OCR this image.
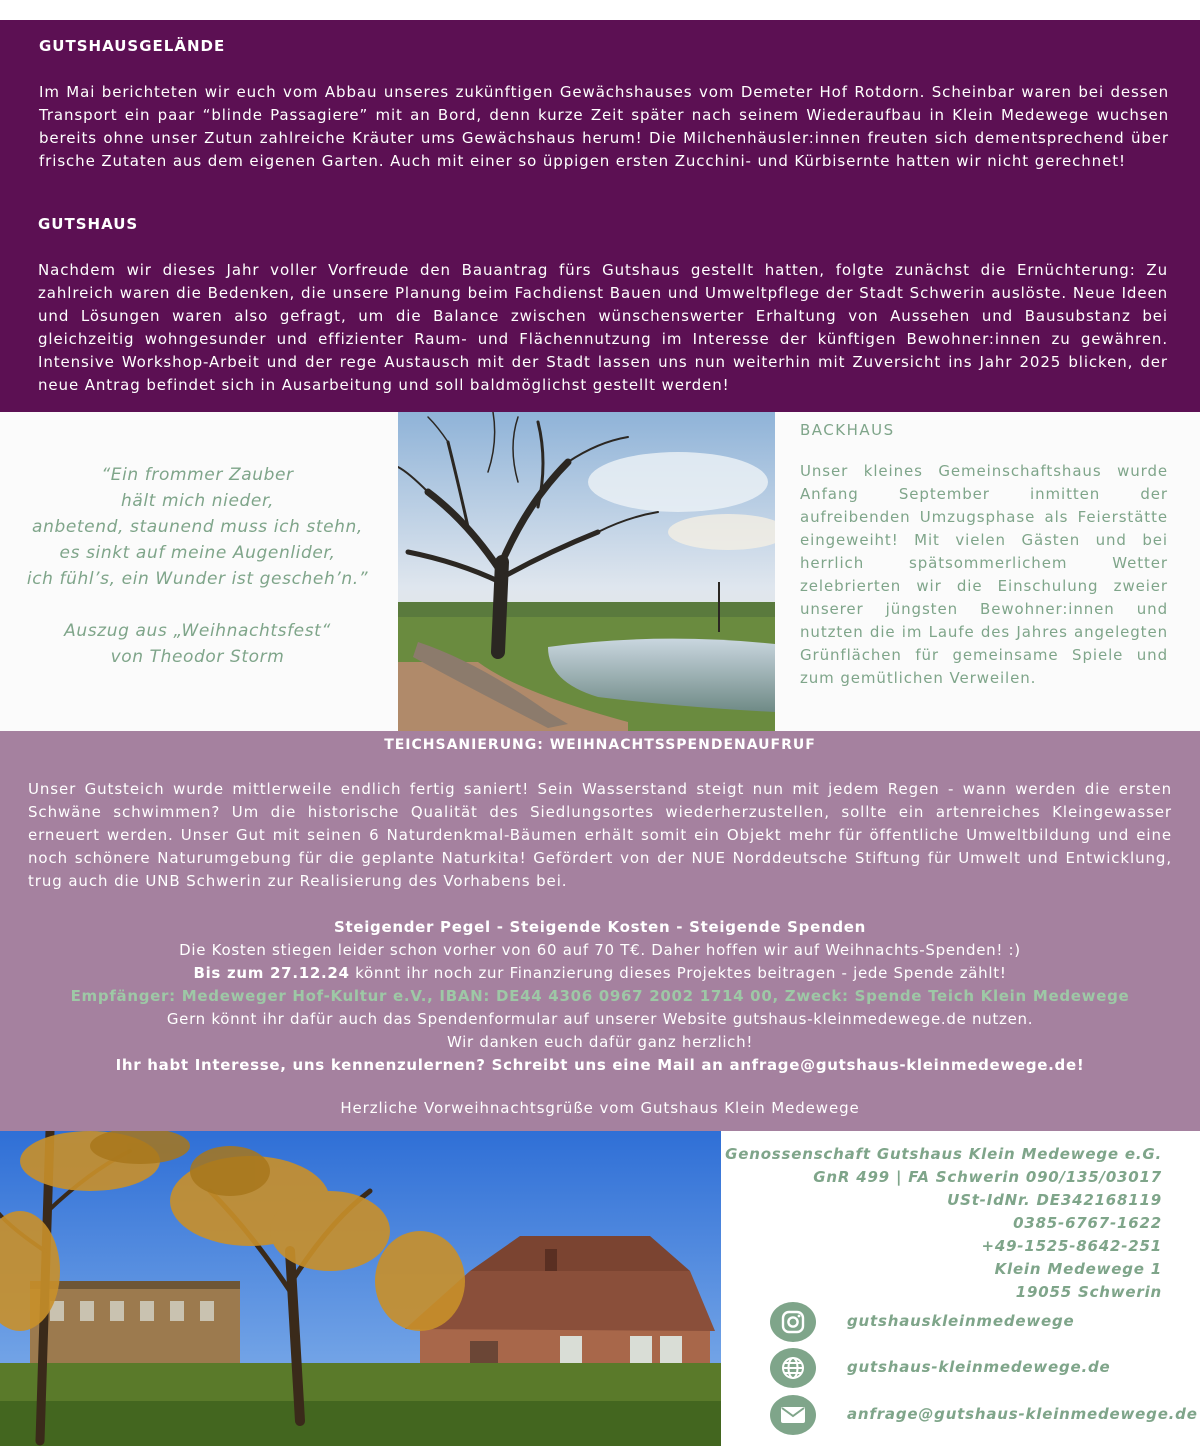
GUTSHAUSGELÄNDE

Im Mai berichteten wir euch vom Abbau unseres zukünftigen Gewächshauses vom Demeter Hof Rotdorn. Scheinbar waren bei dessen Transport ein paar “blinde Passagiere” mit an Bord, denn kurze Zeit später nach seinem Wiederaufbau in Klein Medewege wuchsen bereits ohne unser Zutun zahlreiche Kräuter ums Gewächshaus herum! Die Milchenhäusler:innen freuten sich dementsprechend über frische Zutaten aus dem eigenen Garten. Auch mit einer so üppigen ersten Zucchini- und Kürbisernte hatten wir nicht gerechnet!

GUTSHAUS

Nachdem wir dieses Jahr voller Vorfreude den Bauantrag fürs Gutshaus gestellt hatten, folgte zunächst die Ernüchterung: Zu zahlreich waren die Bedenken, die unsere Planung beim Fachdienst Bauen und Umweltpflege der Stadt Schwerin auslöste. Neue Ideen und Lösungen waren also gefragt, um die Balance zwischen wünschenswerter Erhaltung von Aussehen und Bausubstanz bei gleichzeitig wohngesunder und effizienter Raum- und Flächennutzung im Interesse der künftigen Bewohner:innen zu gewähren. Intensive Workshop-Arbeit und der rege Austausch mit der Stadt lassen uns nun weiterhin mit Zuversicht ins Jahr 2025 blicken, der neue Antrag befindet sich in Ausarbeitung und soll baldmöglichst gestellt werden!

“Ein frommer Zauber
hält mich nieder,
anbetend, staunend muss ich stehn,
es sinkt auf meine Augenlider,
ich fühl’s, ein Wunder ist gescheh’n.”
Auszug aus „Weihnachtsfest“
von Theodor Storm
BACKHAUS

Unser kleines Gemeinschaftshaus wurde Anfang September inmitten der aufreibenden Umzugsphase als Feierstätte eingeweiht! Mit vielen Gästen und bei herrlich spätsommerlichem Wetter zelebrierten wir die Einschulung zweier unserer jüngsten Bewohner:innen und nutzten die im Laufe des Jahres angelegten Grünflächen für gemeinsame Spiele und zum gemütlichen Verweilen.

TEICHSANIERUNG: WEIHNACHTSSPENDENAUFRUF

Unser Gutsteich wurde mittlerweile endlich fertig saniert! Sein Wasserstand steigt nun mit jedem Regen - wann werden die ersten Schwäne schwimmen? Um die historische Qualität des Siedlungsortes wiederherzustellen, sollte ein artenreiches Kleingewasser erneuert werden. Unser Gut mit seinen 6 Naturdenkmal-Bäumen erhält somit ein Objekt mehr für öffentliche Umweltbildung und eine noch schönere Naturumgebung für die geplante Naturkita! Gefördert von der NUE Norddeutsche Stiftung für Umwelt und Entwicklung, trug auch die UNB Schwerin zur Realisierung des Vorhabens bei.

Steigender Pegel - Steigende Kosten - Steigende Spenden
Die Kosten stiegen leider schon vorher von 60 auf 70 T€. Daher hoffen wir auf Weihnachts-Spenden! :)
Bis zum 27.12.24 könnt ihr noch zur Finanzierung dieses Projektes beitragen - jede Spende zählt!
Empfänger: Medeweger Hof-Kultur e.V., IBAN: DE44 4306 0967 2002 1714 00, Zweck: Spende Teich Klein Medewege
Gern könnt ihr dafür auch das Spendenformular auf unserer Website gutshaus-kleinmedewege.de nutzen.
Wir danken euch dafür ganz herzlich!
Ihr habt Interesse, uns kennenzulernen? Schreibt uns eine Mail an anfrage@gutshaus-kleinmedewege.de!
Herzliche Vorweihnachtsgrüße vom Gutshaus Klein Medewege
Genossenschaft Gutshaus Klein Medewege e.G.
GnR 499 | FA Schwerin 090/135/03017
USt-IdNr. DE342168119
0385-6767-1622
+49-1525-8642-251
Klein Medewege 1
19055 Schwerin
gutshauskleinmedewege
gutshaus-kleinmedewege.de
anfrage@gutshaus-kleinmedewege.de
